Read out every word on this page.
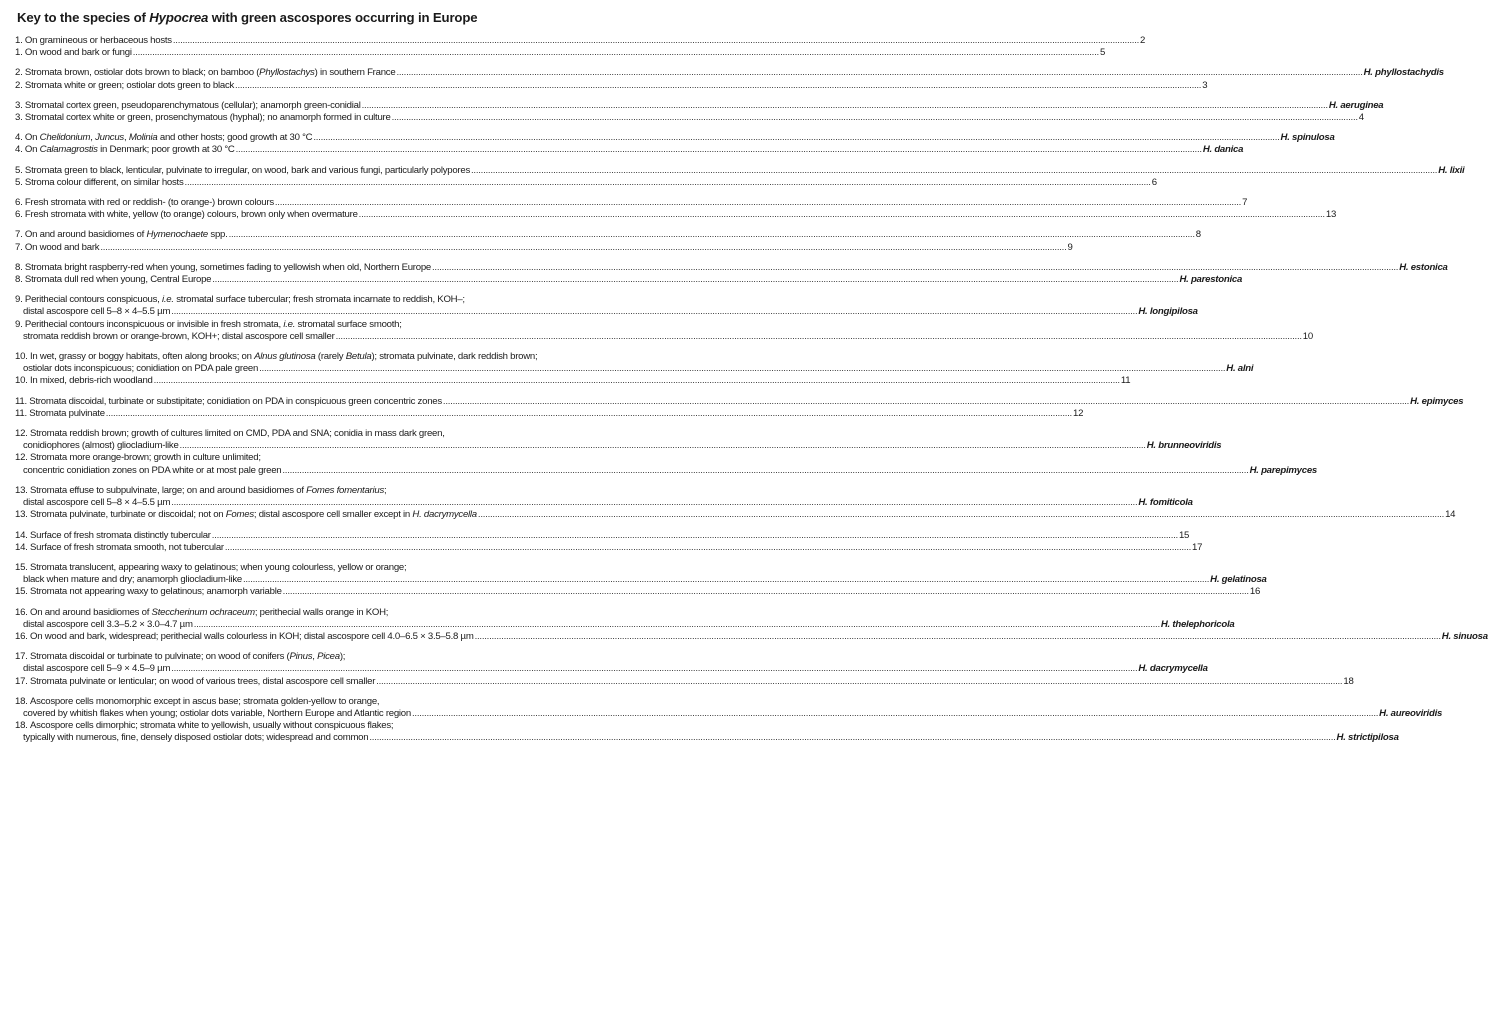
Key to the species of Hypocrea with green ascospores occurring in Europe
1. On gramineous or herbaceous hosts ................................................................................................................................................................................................................................................................................................................................................................................................................ 2
1. On wood and bark or fungi ................................................................................................................................................................................................................................................................................................................................................................................................................ 5
2. Stromata brown, ostiolar dots brown to black; on bamboo (Phyllostachys) in southern France ................................................................................................................................................................................................................................................................................................................................................................................................................ H. phyllostachydis
2. Stromata white or green; ostiolar dots green to black ................................................................................................................................................................................................................................................................................................................................................................................................................ 3
3. Stromatal cortex green, pseudoparenchymatous (cellular); anamorph green-conidial ................................................................................................................................................................................................................................................................................................................................................................................................................ H. aeruginea
3. Stromatal cortex white or green, prosenchymatous (hyphal); no anamorph formed in culture ................................................................................................................................................................................................................................................................................................................................................................................................................ 4
4. On Chelidonium, Juncus, Molinia and other hosts; good growth at 30 °C ................................................................................................................................................................................................................................................................................................................................................................................................................ H. spinulosa
4. On Calamagrostis in Denmark; poor growth at 30 °C ................................................................................................................................................................................................................................................................................................................................................................................................................ H. danica
5. Stromata green to black, lenticular, pulvinate to irregular, on wood, bark and various fungi, particularly polypores ................................................................................................................................................................................................................................................................................................................................................................................................................ H. lixii
5. Stroma colour different, on similar hosts ................................................................................................................................................................................................................................................................................................................................................................................................................ 6
6. Fresh stromata with red or reddish- (to orange-) brown colours ................................................................................................................................................................................................................................................................................................................................................................................................................ 7
6. Fresh stromata with white, yellow (to orange) colours, brown only when overmature ................................................................................................................................................................................................................................................................................................................................................................................................................ 13
7. On and around basidiomes of Hymenochaete spp. ................................................................................................................................................................................................................................................................................................................................................................................................................ 8
7. On wood and bark ................................................................................................................................................................................................................................................................................................................................................................................................................ 9
8. Stromata bright raspberry-red when young, sometimes fading to yellowish when old, Northern Europe ................................................................................................................................................................................................................................................................................................................................................................................................................ H. estonica
8. Stromata dull red when young, Central Europe ................................................................................................................................................................................................................................................................................................................................................................................................................ H. parestonica
9. Perithecial contours conspicuous, i.e. stromatal surface tubercular; fresh stromata incarnate to reddish, KOH–;
distal ascospore cell 5–8 × 4–5.5 µm ................................................................................................................................................................................................................................................................................................................................................................................................................ H. longipilosa
9. Perithecial contours inconspicuous or invisible in fresh stromata, i.e. stromatal surface smooth;
stromata reddish brown or orange-brown, KOH+; distal ascospore cell smaller ................................................................................................................................................................................................................................................................................................................................................................................................................ 10
10. In wet, grassy or boggy habitats, often along brooks; on Alnus glutinosa (rarely Betula); stromata pulvinate, dark reddish brown;
ostiolar dots inconspicuous; conidiation on PDA pale green ................................................................................................................................................................................................................................................................................................................................................................................................................ H. alni
10. In mixed, debris-rich woodland ................................................................................................................................................................................................................................................................................................................................................................................................................ 11
11. Stromata discoidal, turbinate or substipitate; conidiation on PDA in conspicuous green concentric zones ................................................................................................................................................................................................................................................................................................................................................................................................................ H. epimyces
11. Stromata pulvinate ................................................................................................................................................................................................................................................................................................................................................................................................................ 12
12. Stromata reddish brown; growth of cultures limited on CMD, PDA and SNA; conidia in mass dark green,
conidiophores (almost) gliocladium-like ................................................................................................................................................................................................................................................................................................................................................................................................................ H. brunneoviridis
12. Stromata more orange-brown; growth in culture unlimited;
concentric conidiation zones on PDA white or at most pale green ................................................................................................................................................................................................................................................................................................................................................................................................................ H. parepimyces
13. Stromata effuse to subpulvinate, large; on and around basidiomes of Fomes fomentarius;
distal ascospore cell 5–8 × 4–5.5 µm ................................................................................................................................................................................................................................................................................................................................................................................................................ H. fomiticola
13. Stromata pulvinate, turbinate or discoidal; not on Fomes; distal ascospore cell smaller except in H. dacrymycella ................................................................................................................................................................................................................................................................................................................................................................................................................ 14
14. Surface of fresh stromata distinctly tubercular ................................................................................................................................................................................................................................................................................................................................................................................................................ 15
14. Surface of fresh stromata smooth, not tubercular ................................................................................................................................................................................................................................................................................................................................................................................................................ 17
15. Stromata translucent, appearing waxy to gelatinous; when young colourless, yellow or orange;
black when mature and dry; anamorph gliocladium-like ................................................................................................................................................................................................................................................................................................................................................................................................................ H. gelatinosa
15. Stromata not appearing waxy to gelatinous; anamorph variable ................................................................................................................................................................................................................................................................................................................................................................................................................ 16
16. On and around basidiomes of Steccherinum ochraceum; perithecial walls orange in KOH;
distal ascospore cell 3.3–5.2 × 3.0–4.7 µm ................................................................................................................................................................................................................................................................................................................................................................................................................ H. thelephoricola
16. On wood and bark, widespread; perithecial walls colourless in KOH; distal ascospore cell 4.0–6.5 × 3.5–5.8 µm ................................................................................................................................................................................................................................................................................................................................................................................................................ H. sinuosa
17. Stromata discoidal or turbinate to pulvinate; on wood of conifers (Pinus, Picea);
distal ascospore cell 5–9 × 4.5–9 µm ................................................................................................................................................................................................................................................................................................................................................................................................................ H. dacrymycella
17. Stromata pulvinate or lenticular; on wood of various trees, distal ascospore cell smaller ................................................................................................................................................................................................................................................................................................................................................................................................................ 18
18. Ascospore cells monomorphic except in ascus base; stromata golden-yellow to orange,
covered by whitish flakes when young; ostiolar dots variable, Northern Europe and Atlantic region ................................................................................................................................................................................................................................................................................................................................................................................................................ H. aureoviridis
18. Ascospore cells dimorphic; stromata white to yellowish, usually without conspicuous flakes;
typically with numerous, fine, densely disposed ostiolar dots; widespread and common ................................................................................................................................................................................................................................................................................................................................................................................................................ H. strictipilosa
